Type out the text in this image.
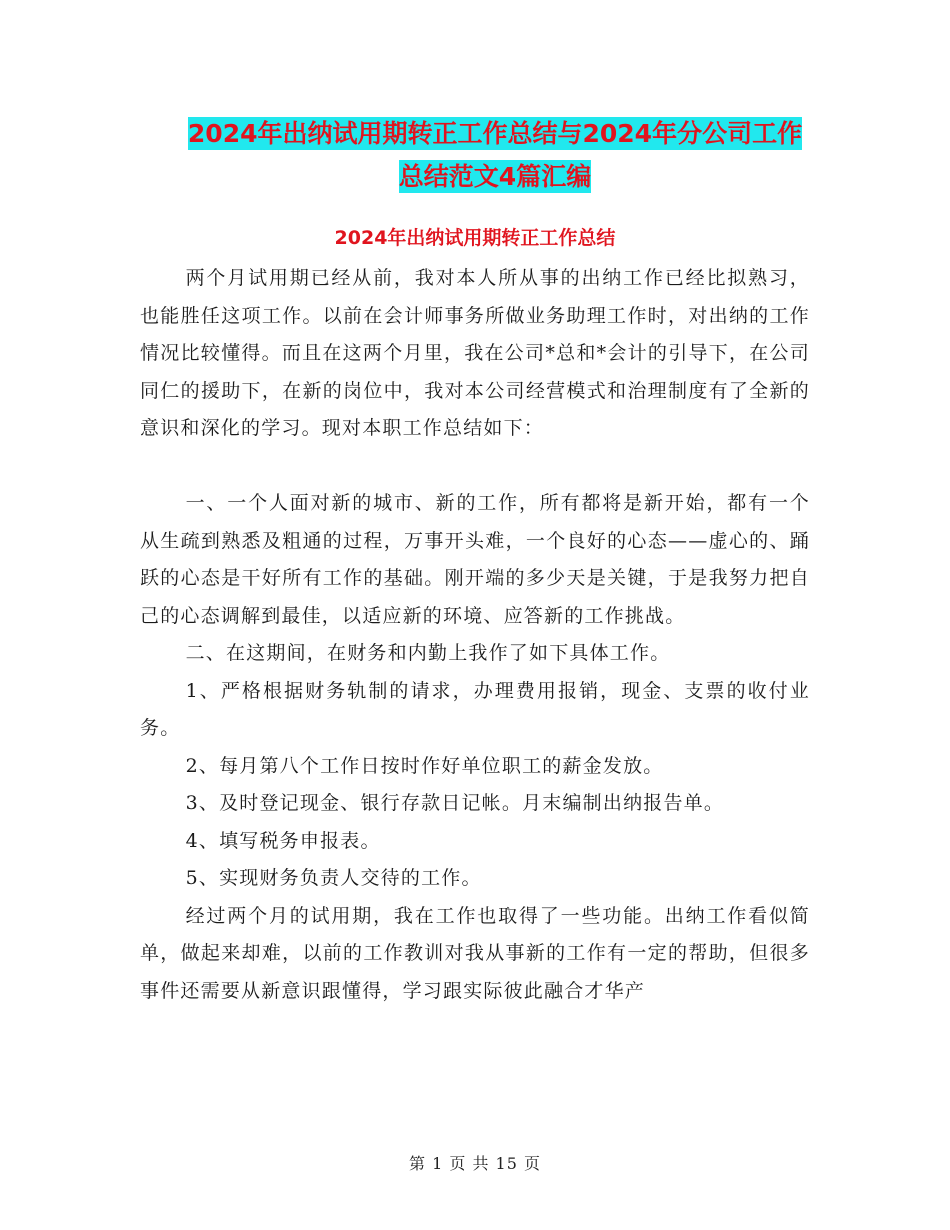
2024年出纳试用期转正工作总结与2024年分公司工作
总结范文4篇汇编
2024年出纳试用期转正工作总结

两个月试用期已经从前，我对本人所从事的出纳工作已经比拟熟习，也能胜任这项工作。以前在会计师事务所做业务助理工作时，对出纳的工作情况比较懂得。而且在这两个月里，我在公司*总和*会计的引导下，在公司同仁的援助下，在新的岗位中，我对本公司经营模式和治理制度有了全新的意识和深化的学习。现对本职工作总结如下：

一、一个人面对新的城市、新的工作，所有都将是新开始，都有一个从生疏到熟悉及粗通的过程，万事开头难，一个良好的心态——虚心的、踊跃的心态是干好所有工作的基础。刚开端的多少天是关键，于是我努力把自己的心态调解到最佳，以适应新的环境、应答新的工作挑战。

二、在这期间，在财务和内勤上我作了如下具体工作。

1、严格根据财务轨制的请求，办理费用报销，现金、支票的收付业务。

2、每月第八个工作日按时作好单位职工的薪金发放。

3、及时登记现金、银行存款日记帐。月末编制出纳报告单。

4、填写税务申报表。

5、实现财务负责人交待的工作。

经过两个月的试用期，我在工作也取得了一些功能。出纳工作看似简单，做起来却难，以前的工作教训对我从事新的工作有一定的帮助，但很多事件还需要从新意识跟懂得，学习跟实际彼此融合才华产

第 1 页 共 15 页
